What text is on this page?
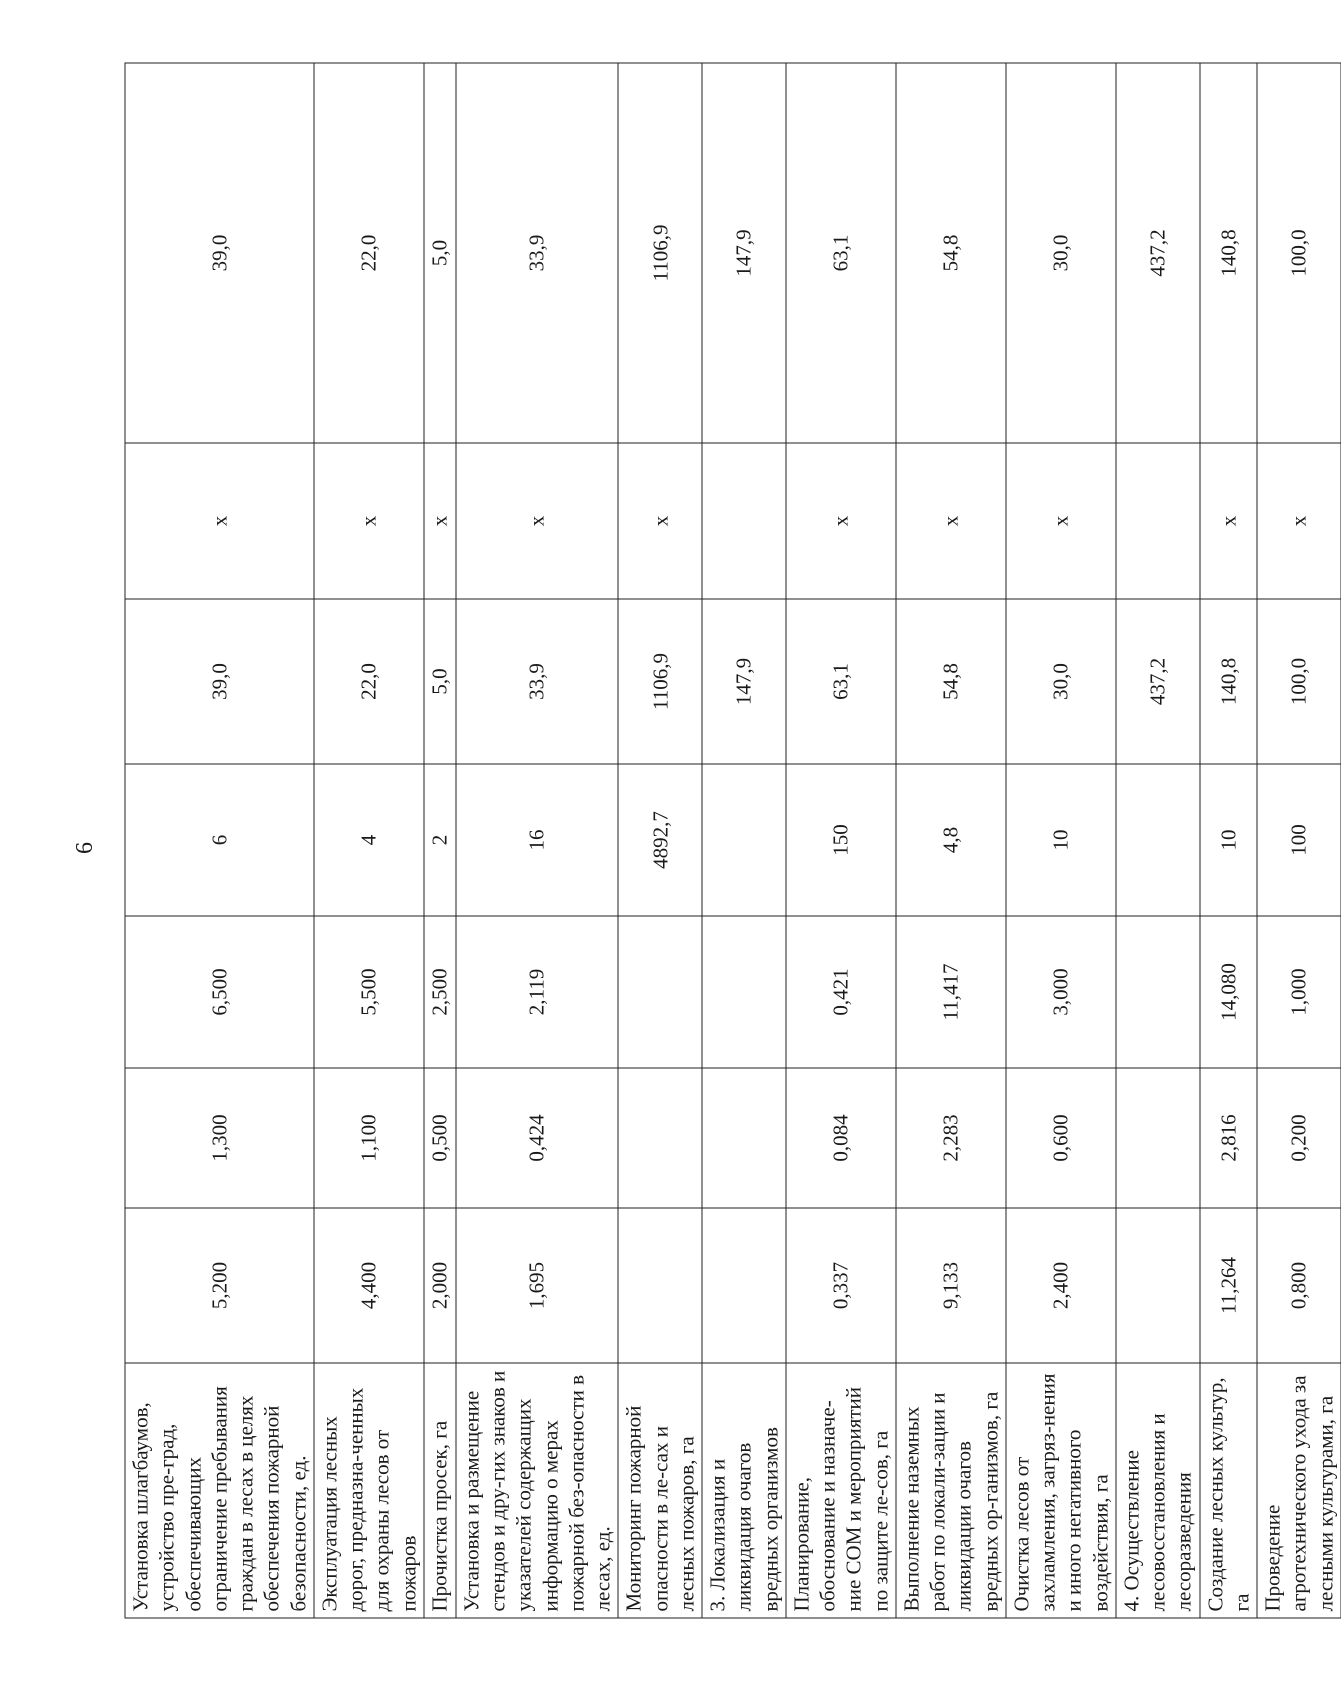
6
Установка шлагбаумов, устройство пре-град, обеспечивающих ограничение пребывания граждан в лесах в целях обеспечения пожарной безопасности, ед.	5,200	1,300	6,500	6	39,0	х	39,0
Эксплуатация лесных дорог, предназна-ченных для охраны лесов от пожаров	4,400	1,100	5,500	4	22,0	х	22,0
Прочистка просек, га	2,000	0,500	2,500	2	5,0	х	5,0
Установка и размещение стендов и дру-гих знаков и указателей содержащих информацию о мерах пожарной без-опасности в лесах, ед.	1,695	0,424	2,119	16	33,9	х	33,9
Мониторинг пожарной опасности в ле-сах и лесных пожаров, га				4892,7	1106,9	х	1106,9
3. Локализация и ликвидация очагов вредных организмов					147,9		147,9
Планирование, обоснование и назначе-ние СОМ и мероприятий по защите ле-сов, га	0,337	0,084	0,421	150	63,1	х	63,1
Выполнение наземных работ по локали-зации и ликвидации очагов вредных ор-ганизмов, га	9,133	2,283	11,417	4,8	54,8	х	54,8
Очистка лесов от захламления, загряз-нения и иного негативного воздействия, га	2,400	0,600	3,000	10	30,0	х	30,0
4. Осуществление лесовосстановления и лесоразведения					437,2		437,2
Создание лесных культур, га	11,264	2,816	14,080	10	140,8	х	140,8
Проведение агротехнического ухода за лесными культурами, га	0,800	0,200	1,000	100	100,0	х	100,0
